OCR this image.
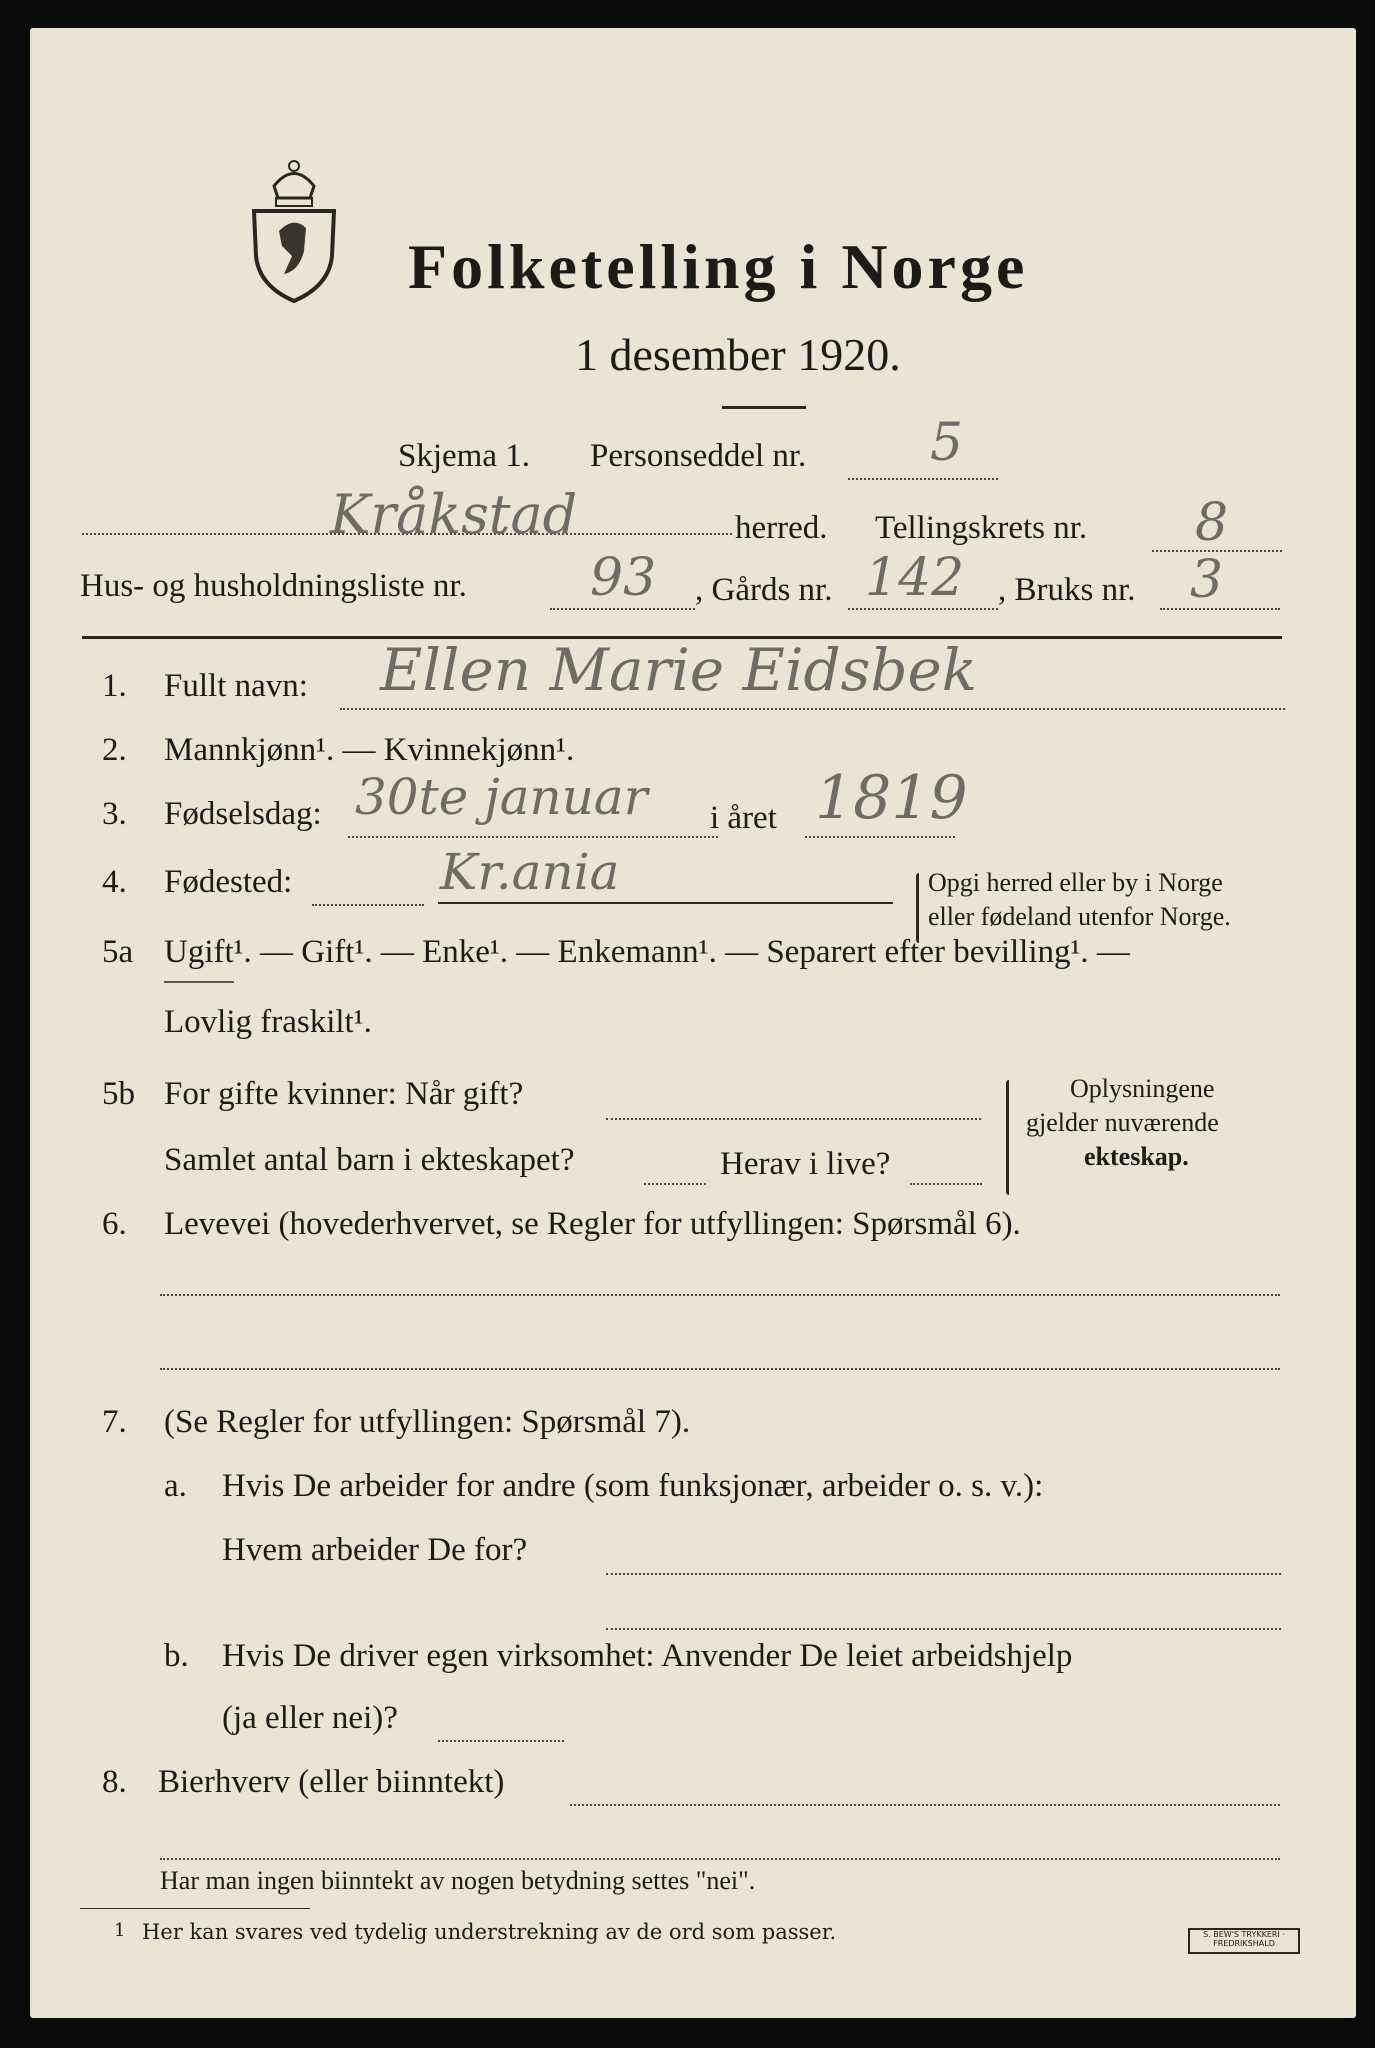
Folketelling i Norge
1 desember 1920.
Skjema 1. Personseddel nr. 5
Kråkstad	herred. Tellingskrets nr. 8
Hus- og husholdningsliste nr. 93 , Gårds nr. 142 , Bruks nr. 3
1. Fullt navn: Ellen Marie Eidsbek
2. Mannkjønn¹. — Kvinnekjønn¹.
3. Fødselsdag: 30te januar i året 1819
4. Fødested:	Kr.ania	Opgi herred eller by i Norge
eller fødeland utenfor Norge.
5a Ugift¹. — Gift¹. — Enke¹. — Enkemann¹. — Separert efter bevilling¹. —
Lovlig fraskilt¹.
5b For gifte kvinner: Når gift?
Samlet antal barn i ekteskapet?	Herav i live?
Oplysningene
gjelder nuværende
ekteskap.
6. Levevei (hovederhvervet, se Regler for utfyllingen: Spørsmål 6).
7. (Se Regler for utfyllingen: Spørsmål 7).
a. Hvis De arbeider for andre (som funksjonær, arbeider o. s. v.):
Hvem arbeider De for?
b. Hvis De driver egen virksomhet: Anvender De leiet arbeidshjelp
(ja eller nei)?
8. Bierhverv (eller biinntekt)
Har man ingen biinntekt av nogen betydning settes "nei".
1 Her kan svares ved tydelig understrekning av de ord som passer.	S. BEW'S TRYKKERI · FREDRIKSHALD
